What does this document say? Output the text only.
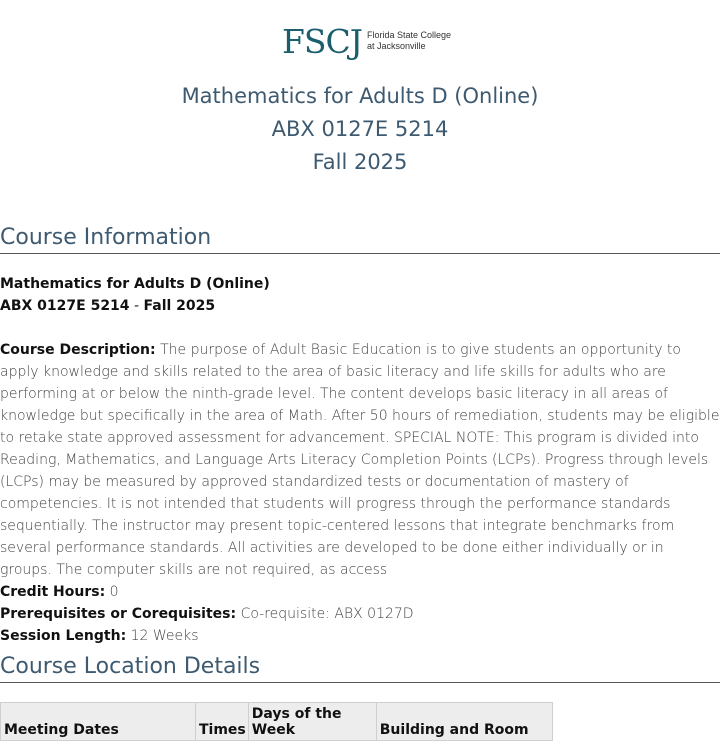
FSCJ Florida State College
at Jacksonville
Mathematics for Adults D (Online)
ABX 0127E 5214
Fall 2025
Course Information

Mathematics for Adults D (Online)

ABX 0127E 5214 - Fall 2025

Course Description: The purpose of Adult Basic Education is to give students an opportunity to apply knowledge and skills related to the area of basic literacy and life skills for adults who are performing at or below the ninth-grade level. The content develops basic literacy in all areas of knowledge but specifically in the area of Math. After 50 hours of remediation, students may be eligible to retake state approved assessment for advancement. SPECIAL NOTE: This program is divided into Reading, Mathematics, and Language Arts Literacy Completion Points (LCPs). Progress through levels (LCPs) may be measured by approved standardized tests or documentation of mastery of competencies. It is not intended that students will progress through the performance standards sequentially. The instructor may present topic-centered lessons that integrate benchmarks from several performance standards. All activities are developed to be done either individually or in groups. The computer skills are not required, as access

Credit Hours: 0

Prerequisites or Corequisites: Co-requisite: ABX 0127D

Session Length: 12 Weeks

Course Location Details
Meeting Dates	Times	Days of the Week	Building and Room
